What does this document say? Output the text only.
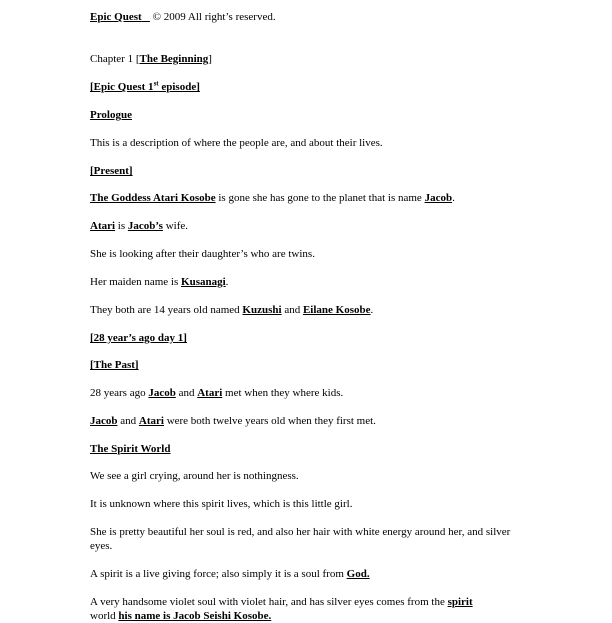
Epic Quest © 2009 All right’s reserved.
Chapter 1 [The Beginning]
[Epic Quest 1st episode]
Prologue
This is a description of where the people are, and about their lives.
[Present]
The Goddess Atari Kosobe is gone she has gone to the planet that is name Jacob.
Atari is Jacob’s wife.
She is looking after their daughter’s who are twins.
Her maiden name is Kusanagi.
They both are 14 years old named Kuzushi and Eilane Kosobe.
[28 year’s ago day 1]
[The Past]
28 years ago Jacob and Atari met when they where kids.
Jacob and Atari were both twelve years old when they first met.
The Spirit World
We see a girl crying, around her is nothingness.
It is unknown where this spirit lives, which is this little girl.
She is pretty beautiful her soul is red, and also her hair with white energy around her, and silver eyes.
A spirit is a live giving force; also simply it is a soul from God.
A very handsome violet soul with violet hair, and has silver eyes comes from the spirit
world his name is Jacob Seishi Kosobe.
